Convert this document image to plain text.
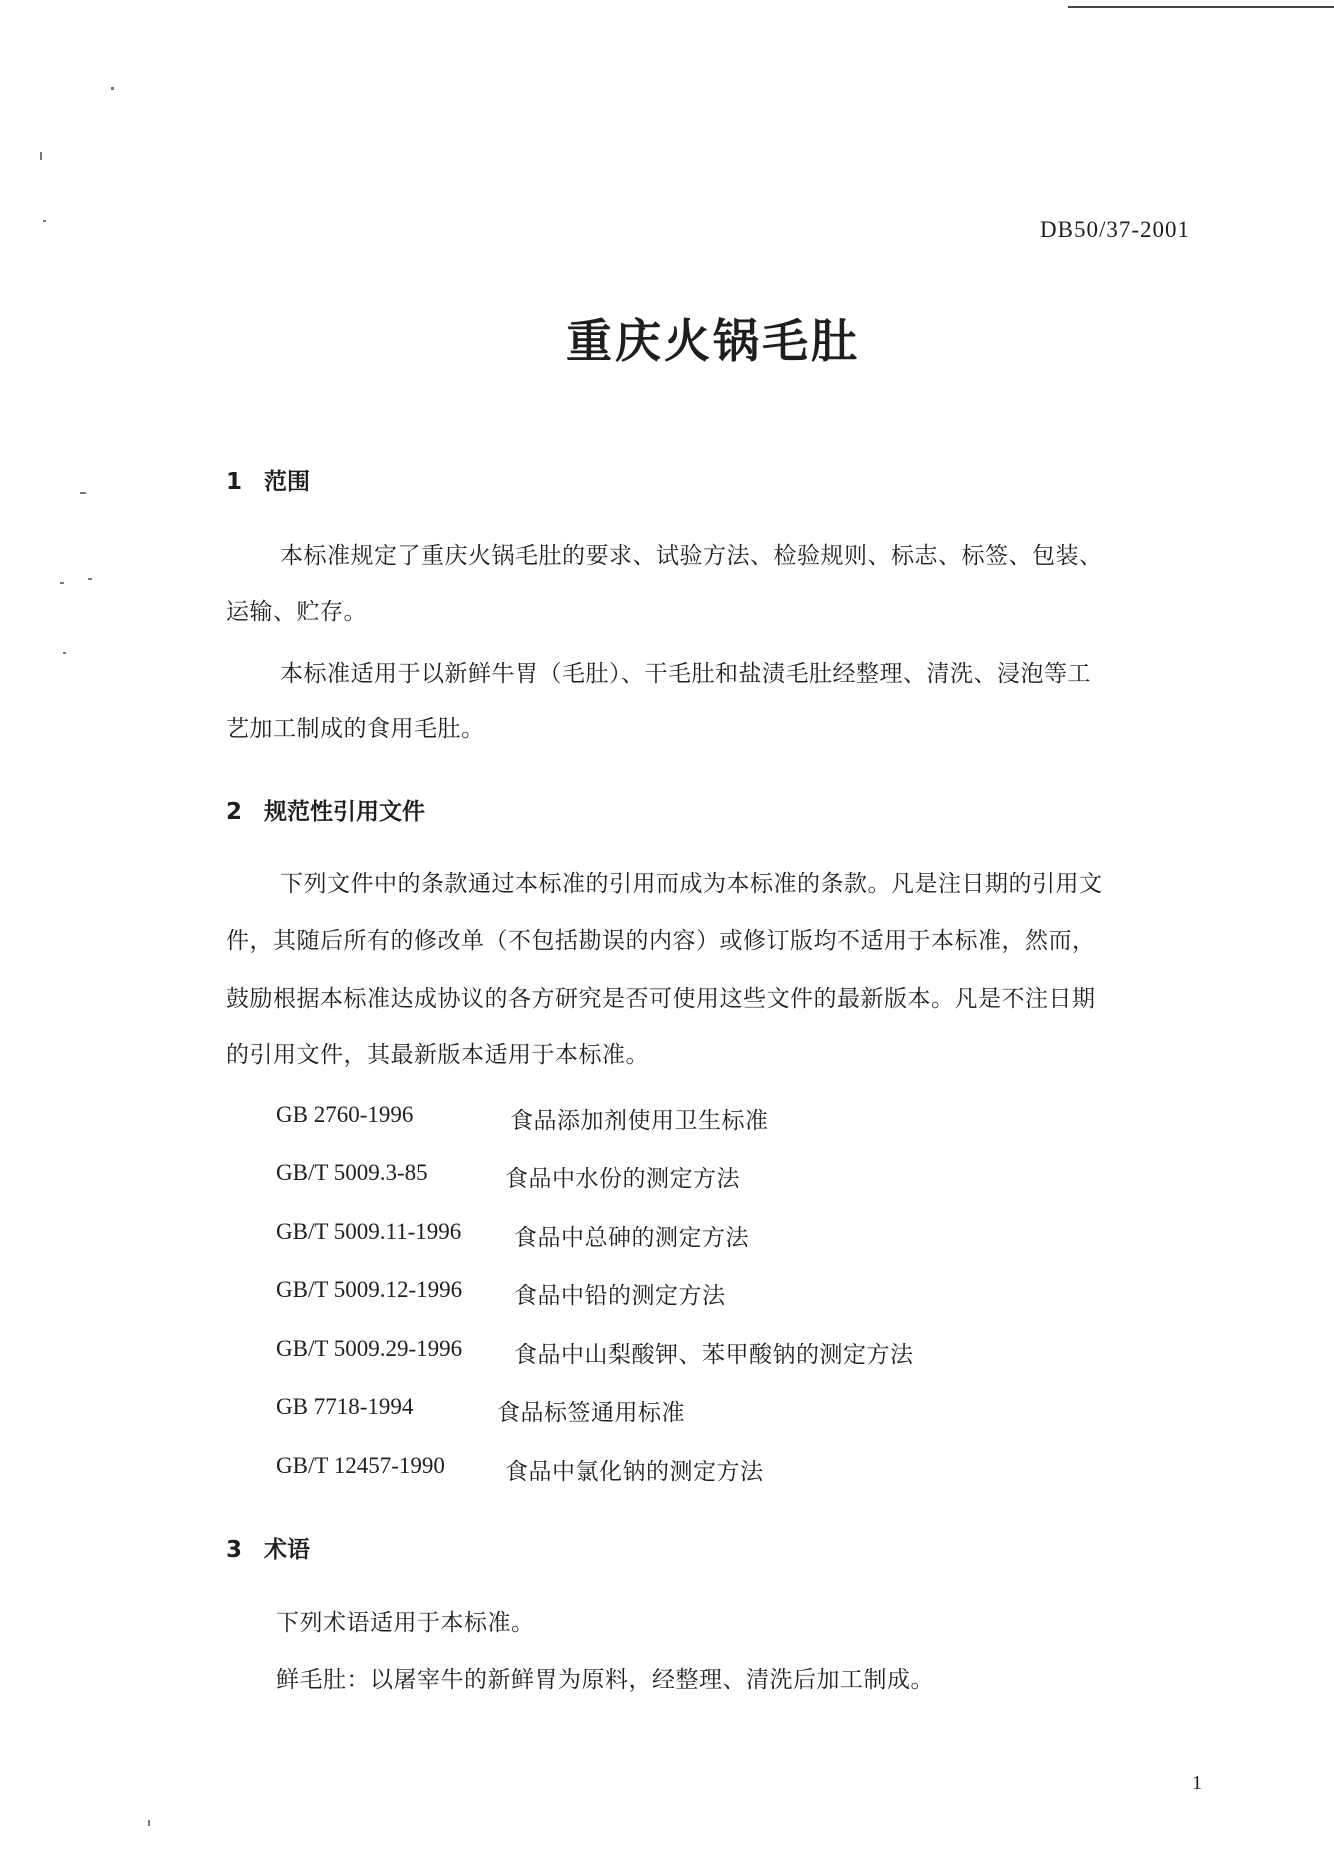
DB50/37-2001
重庆火锅毛肚
1 范围
本标准规定了重庆火锅毛肚的要求、试验方法、检验规则、标志、标签、包装、
运输、贮存。
本标准适用于以新鲜牛胃（毛肚）、干毛肚和盐渍毛肚经整理、清洗、浸泡等工
艺加工制成的食用毛肚。
2 规范性引用文件
下列文件中的条款通过本标准的引用而成为本标准的条款。凡是注日期的引用文
件，其随后所有的修改单（不包括勘误的内容）或修订版均不适用于本标准，然而，
鼓励根据本标准达成协议的各方研究是否可使用这些文件的最新版本。凡是不注日期
的引用文件，其最新版本适用于本标准。
GB 2760-1996	食品添加剂使用卫生标准
GB/T 5009.3-85	食品中水份的测定方法
GB/T 5009.11-1996 食品中总砷的测定方法
GB/T 5009.12-1996 食品中铅的测定方法
GB/T 5009.29-1996 食品中山梨酸钾、苯甲酸钠的测定方法
GB 7718-1994	食品标签通用标准
GB/T 12457-1990	食品中氯化钠的测定方法
3 术语
下列术语适用于本标准。
鲜毛肚：以屠宰牛的新鲜胃为原料，经整理、清洗后加工制成。
1
